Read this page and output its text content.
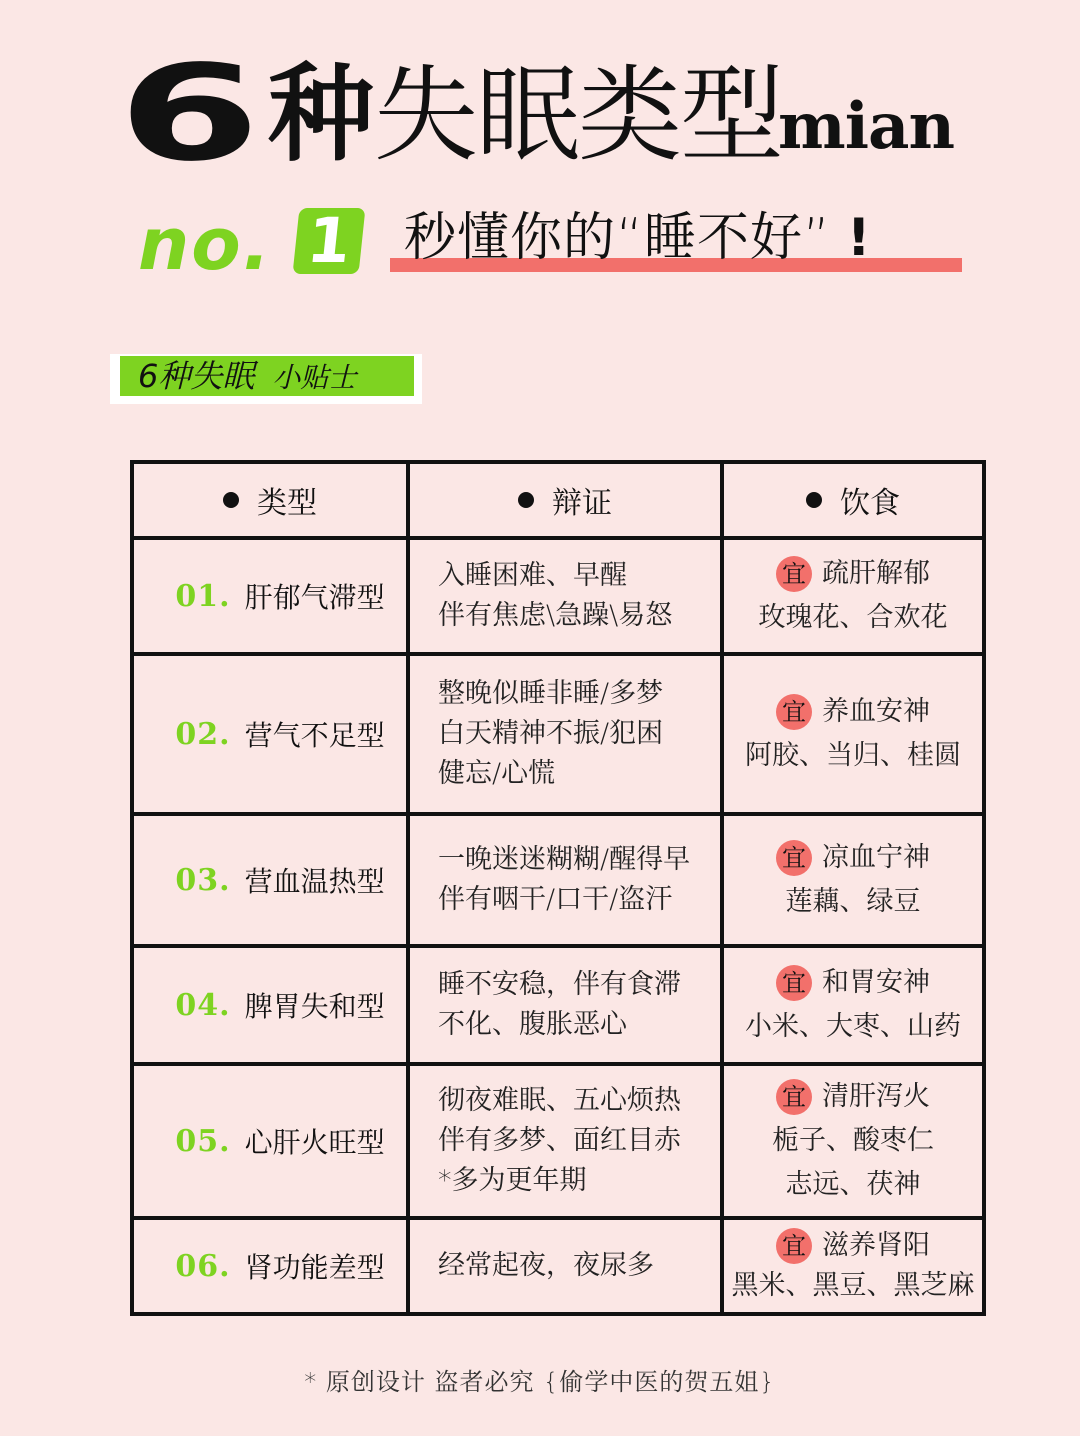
6 种 失眠类型
mian
no. 1 秒懂你的“睡不好” !
6种失眠 小贴士
类型	辩证	饮食
01. 肝郁气滞型
入睡困难、早醒
伴有焦虑\急躁\易怒
宜 疏肝解郁
玫瑰花、合欢花
02. 营气不足型
整晚似睡非睡/多梦
白天精神不振/犯困
健忘/心慌
宜 养血安神
阿胶、当归、桂圆
03. 营血温热型
一晚迷迷糊糊/醒得早
伴有咽干/口干/盗汗
宜 凉血宁神
莲藕、绿豆
04. 脾胃失和型
睡不安稳，伴有食滞
不化、腹胀恶心
宜 和胃安神
小米、大枣、山药
05. 心肝火旺型
彻夜难眠、五心烦热
伴有多梦、面红目赤
*多为更年期
宜 清肝泻火
栀子、酸枣仁
志远、茯神
06. 肾功能差型 经常起夜，夜尿多
宜 滋养肾阳
黑米、黑豆、黑芝麻
* 原创设计 盗者必究 {偷学中医的贺五姐}
